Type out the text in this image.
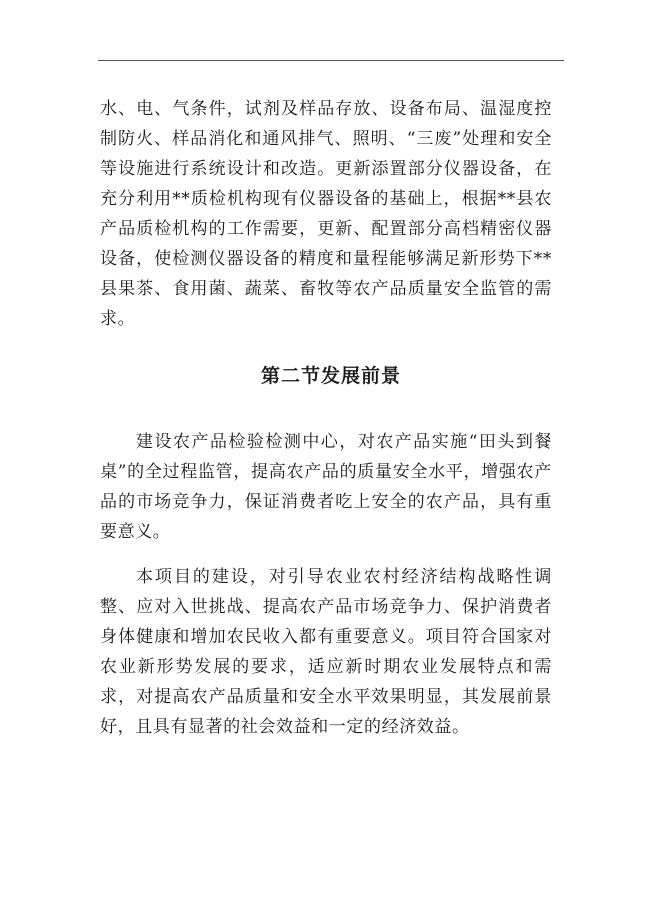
水、电、气条件，试剂及样品存放、设备布局、温湿度控制防火、样品消化和通风排气、照明、“三废”处理和安全等设施进行系统设计和改造。更新添置部分仪器设备，在充分利用**质检机构现有仪器设备的基础上，根据**县农产品质检机构的工作需要，更新、配置部分高档精密仪器设备，使检测仪器设备的精度和量程能够满足新形势下**县果茶、食用菌、蔬菜、畜牧等农产品质量安全监管的需求。

第二节发展前景

建设农产品检验检测中心，对农产品实施“田头到餐桌”的全过程监管，提高农产品的质量安全水平，增强农产品的市场竞争力，保证消费者吃上安全的农产品，具有重要意义。

本项目的建设，对引导农业农村经济结构战略性调整、应对入世挑战、提高农产品市场竞争力、保护消费者身体健康和增加农民收入都有重要意义。项目符合国家对农业新形势发展的要求，适应新时期农业发展特点和需求，对提高农产品质量和安全水平效果明显，其发展前景好，且具有显著的社会效益和一定的经济效益。
